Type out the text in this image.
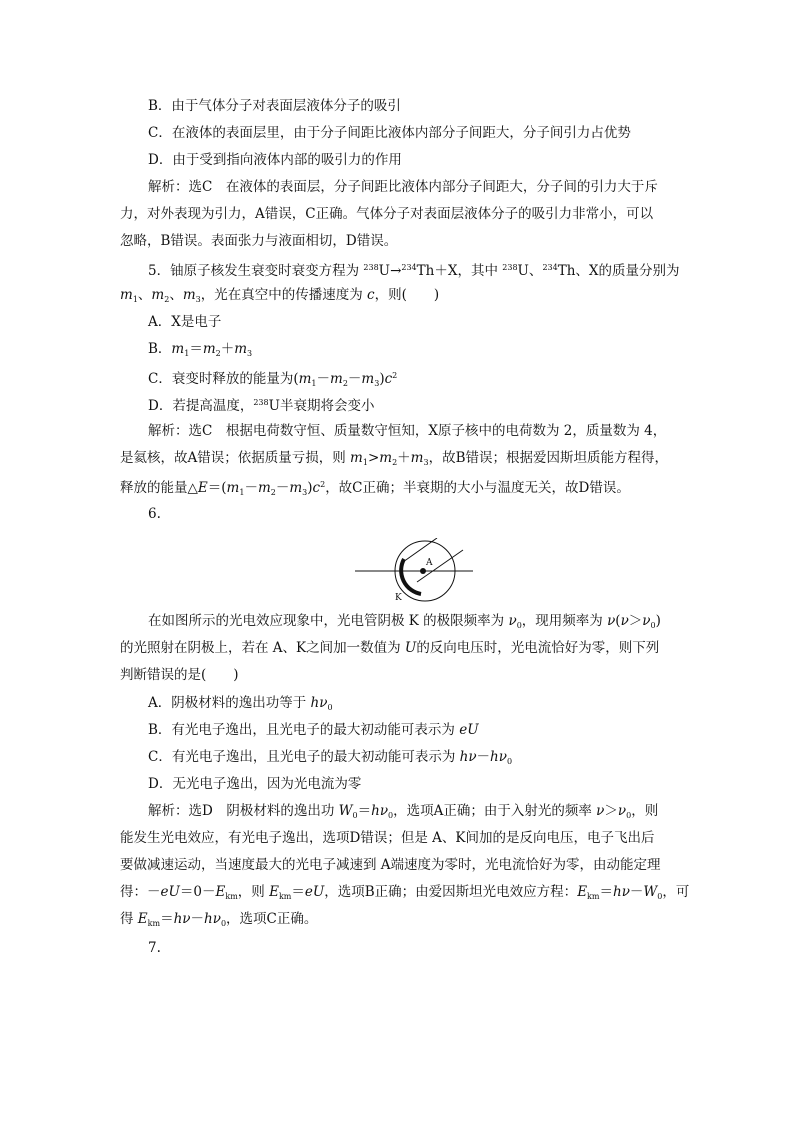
B．由于气体分子对表面层液体分子的吸引
C．在液体的表面层里，由于分子间距比液体内部分子间距大，分子间引力占优势
D．由于受到指向液体内部的吸引力的作用
解析：选C　在液体的表面层，分子间距比液体内部分子间距大，分子间的引力大于斥
力，对外表现为引力，A错误，C正确。气体分子对表面层液体分子的吸引力非常小，可以
忽略，B错误。表面张力与液面相切，D错误。
5．铀原子核发生衰变时衰变方程为 $^{238}$U→$^{234}$Th＋X，其中 $^{238}$U、$^{234}$Th、X的质量分别为
$m_1$、$m_2$、$m_3$，光在真空中的传播速度为 c，则(　　)
A．X是电子
B．$m_1=m_2+m_3$
C．衰变时释放的能量为$(m_1-m_2-m_3)c^2$
D．若提高温度，$^{238}$U半衰期将会变小
解析：选C　根据电荷数守恒、质量数守恒知，X原子核中的电荷数为 2，质量数为 4，
是氦核，故A错误；依据质量亏损，则 $m_1>m_2+m_3$，故B错误；根据爱因斯坦质能方程得，
释放的能量$\triangle E=(m_1-m_2-m_3)c^2$，故C正确；半衰期的大小与温度无关，故D错误。
6.
A
K
在如图所示的光电效应现象中，光电管阴极 K 的极限频率为 $\nu_0$，现用频率为 $\nu(\nu>\nu_0)$
的光照射在阴极上，若在 A、K之间加一数值为 U的反向电压时，光电流恰好为零，则下列
判断错误的是(　　)
A．阴极材料的逸出功等于 $h\nu_0$
B．有光电子逸出，且光电子的最大初动能可表示为 eU
C．有光电子逸出，且光电子的最大初动能可表示为 $h\nu-h\nu_0$
D．无光电子逸出，因为光电流为零
解析：选D　阴极材料的逸出功 $W_0=h\nu_0$，选项A正确；由于入射光的频率 $\nu>\nu_0$，则
能发生光电效应，有光电子逸出，选项D错误；但是 A、K间加的是反向电压，电子飞出后
要做减速运动，当速度最大的光电子减速到 A端速度为零时，光电流恰好为零，由动能定理
得：$-eU=0-E_{km}$，则 $E_{km}=eU$，选项B正确；由爱因斯坦光电效应方程：$E_{km}=h\nu-W_0$，可
得 $E_{km}=h\nu-h\nu_0$，选项C正确。
7.
